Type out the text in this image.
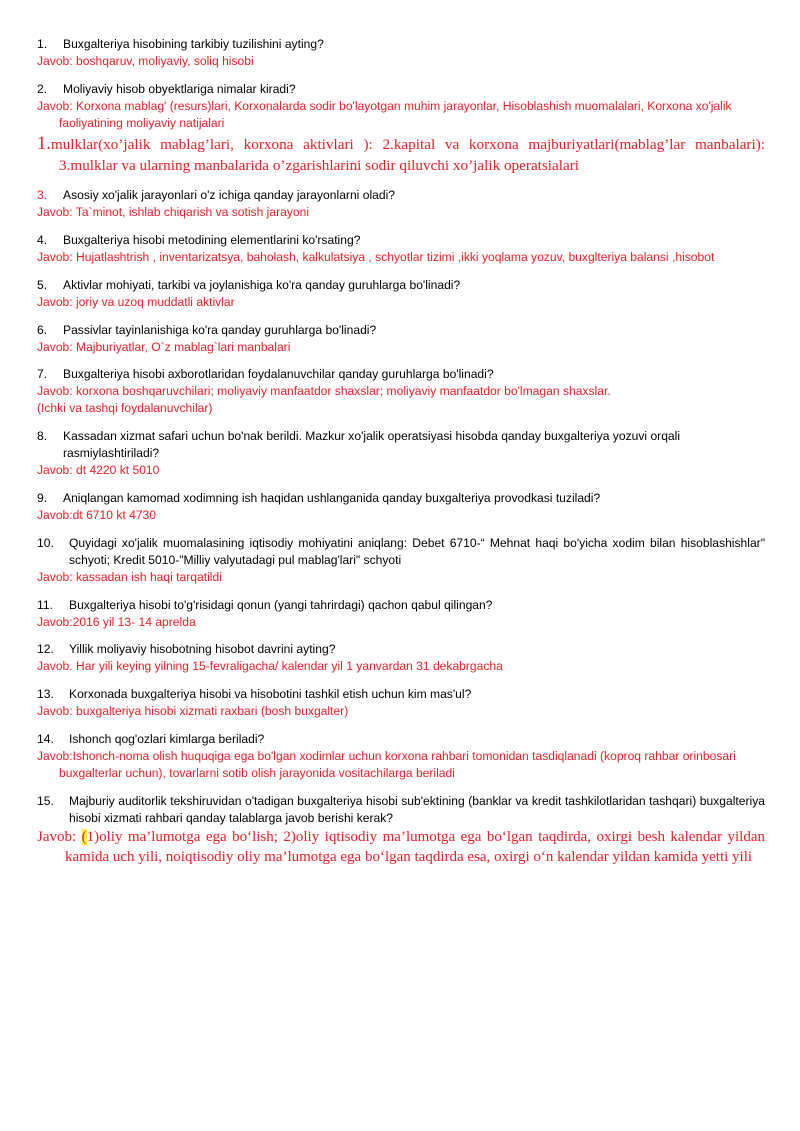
1. Buxgalteriya hisobining tarkibiy tuzilishini ayting?

Javob: boshqaruv, moliyaviy, soliq hisobi

2. Moliyaviy hisob obyektlariga nimalar kiradi?

Javob: Korxona mablag' (resurs)lari, Korxonalarda sodir bo'layotgan muhim jarayonlar, Hisoblashish muomalalari, Korxona xo'jalik faoliyatining moliyaviy natijalari

1.mulklar(xo’jalik mablag’lari, korxona aktivlari ): 2.kapital va korxona majburiyatlari(mablag’lar manbalari): 3.mulklar va ularning manbalarida o’zgarishlarini sodir qiluvchi xo’jalik operatsialari

3. Asosiy xo'jalik jarayonlari o'z ichiga qanday jarayonlarni oladi?

Javob: Ta`minot, ishlab chiqarish va sotish jarayoni

4. Buxgalteriya hisobi metodining elementlarini ko'rsating?

Javob: Hujatlashtrish , inventarizatsya, baholash, kalkulatsiya , schyotlar tizimi ,ikki yoqlama yozuv, buxglteriya balansi ,hisobot

5. Aktivlar mohiyati, tarkibi va joylanishiga ko'ra qanday guruhlarga bo'linadi?

Javob: joriy va uzoq muddatli aktivlar

6. Passivlar tayinlanishiga ko'ra qanday guruhlarga bo'linadi?

Javob: Majburiyatlar, O`z mablag`lari manbalari

7. Buxgalteriya hisobi axborotlaridan foydalanuvchilar qanday guruhlarga bo'linadi?

Javob: korxona boshqaruvchilari; moliyaviy manfaatdor shaxslar; moliyaviy manfaatdor bo'lmagan shaxslar.

(Ichki va tashqi foydalanuvchilar)

8. Kassadan xizmat safari uchun bo'nak berildi. Mazkur xo'jalik operatsiyasi hisobda qanday buxgalteriya yozuvi orqali rasmiylashtiriladi?

Javob: dt 4220 kt 5010

9. Aniqlangan kamomad xodimning ish haqidan ushlanganida qanday buxgalteriya provodkasi tuziladi?

Javob:dt 6710 kt 4730

10. Quyidagi xo'jalik muomalasining iqtisodiy mohiyatini aniqlang: Debet 6710-“ Mehnat haqi bo'yicha xodim bilan hisoblashishlar" schyoti; Kredit 5010-"Milliy valyutadagi pul mablag'lari" schyoti

Javob: kassadan ish haqi tarqatildi

11. Buxgalteriya hisobi to'g'risidagi qonun (yangi tahrirdagi) qachon qabul qilingan?

Javob:2016 yil 13- 14 aprelda

12. Yillik moliyaviy hisobotning hisobot davrini ayting?

Javob. Har yili keying yilning 15-fevraligacha/ kalendar yil 1 yanvardan 31 dekabrgacha

13. Korxonada buxgalteriya hisobi va hisobotini tashkil etish uchun kim mas'ul?

Javob: buxgalteriya hisobi xizmati raxbari (bosh buxgalter)

14. Ishonch qog'ozlari kimlarga beriladi?

Javob:Ishonch-noma olish huquqiga ega bo'lgan xodimlar uchun korxona rahbari tomonidan tasdiqlanadi (koproq rahbar orinbosari buxgalterlar uchun), tovarlarni sotib olish jarayonida vositachilarga beriladi

15. Majburiy auditorlik tekshiruvidan o'tadigan buxgalteriya hisobi sub'ektining (banklar va kredit tashkilotlaridan tashqari) buxgalteriya hisobi xizmati rahbari qanday talablarga javob berishi kerak?

Javob: (1)oliy ma’lumotga ega bo‘lish; 2)oliy iqtisodiy ma’lumotga ega bo‘lgan taqdirda, oxirgi besh kalendar yildan kamida uch yili, noiqtisodiy oliy ma’lumotga ega bo‘lgan taqdirda esa, oxirgi o‘n kalendar yildan kamida yetti yili
